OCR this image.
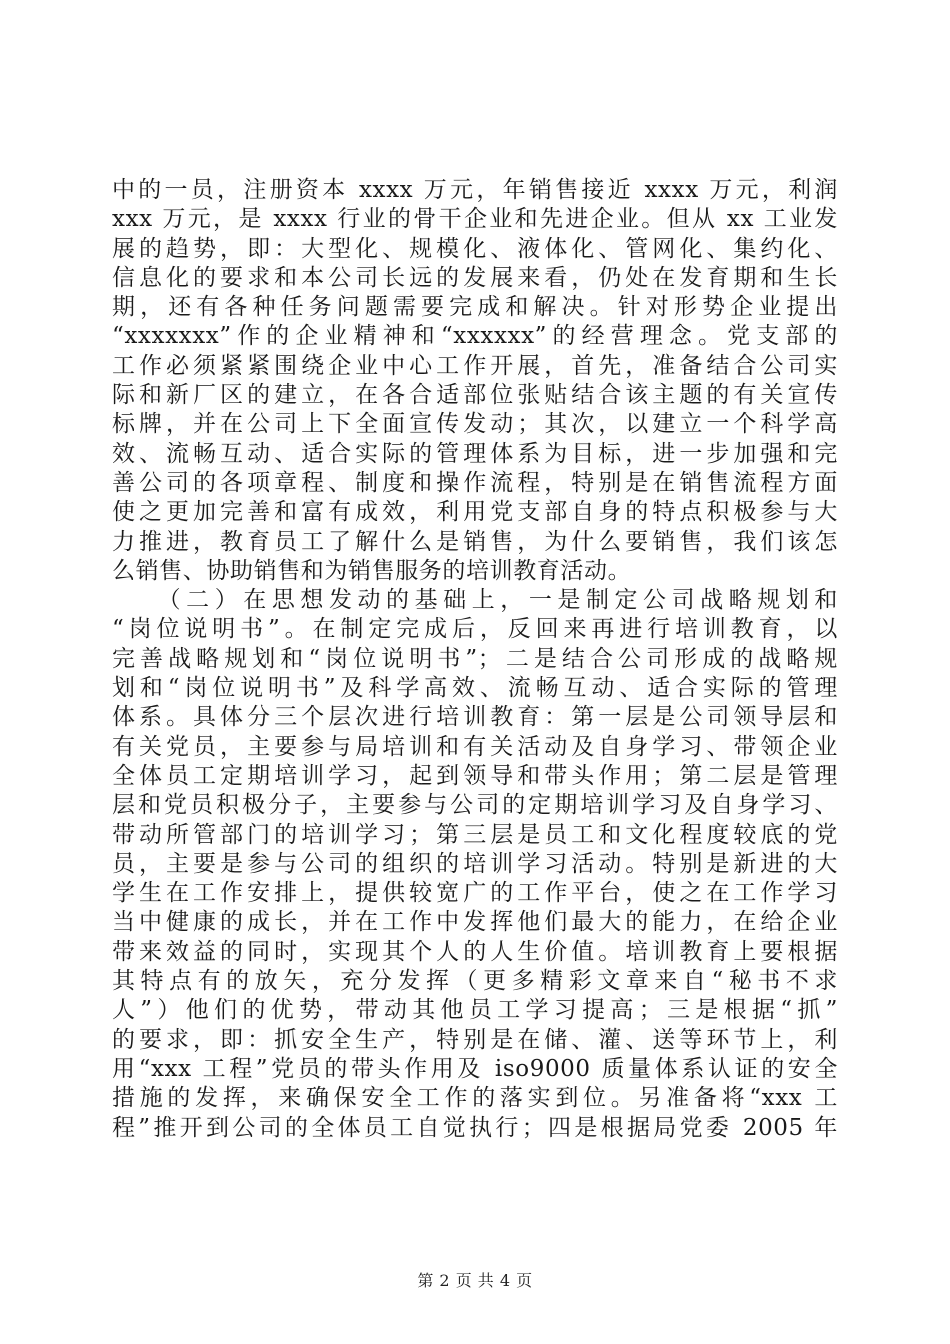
中的一员，注册资本 xxxx 万元，年销售接近 xxxx 万元，利润
xxx 万元，是 xxxx 行业的骨干企业和先进企业。但从 xx 工业发
展的趋势，即：大型化、规模化、液体化、管网化、集约化、
信息化的要求和本公司长远的发展来看，仍处在发育期和生长
期，还有各种任务问题需要完成和解决。针对形势企业提出
“xxxxxxx”作的企业精神和“xxxxxx”的经营理念。党支部的
工作必须紧紧围绕企业中心工作开展，首先，准备结合公司实
际和新厂区的建立，在各合适部位张贴结合该主题的有关宣传
标牌，并在公司上下全面宣传发动；其次，以建立一个科学高
效、流畅互动、适合实际的管理体系为目标，进一步加强和完
善公司的各项章程、制度和操作流程，特别是在销售流程方面
使之更加完善和富有成效，利用党支部自身的特点积极参与大
力推进，教育员工了解什么是销售，为什么要销售，我们该怎
么销售、协助销售和为销售服务的培训教育活动。
　　（二）在思想发动的基础上，一是制定公司战略规划和
“岗位说明书”。在制定完成后，反回来再进行培训教育，以
完善战略规划和“岗位说明书”；二是结合公司形成的战略规
划和“岗位说明书”及科学高效、流畅互动、适合实际的管理
体系。具体分三个层次进行培训教育：第一层是公司领导层和
有关党员，主要参与局培训和有关活动及自身学习、带领企业
全体员工定期培训学习，起到领导和带头作用；第二层是管理
层和党员积极分子，主要参与公司的定期培训学习及自身学习、
带动所管部门的培训学习；第三层是员工和文化程度较底的党
员，主要是参与公司的组织的培训学习活动。特别是新进的大
学生在工作安排上，提供较宽广的工作平台，使之在工作学习
当中健康的成长，并在工作中发挥他们最大的能力，在给企业
带来效益的同时，实现其个人的人生价值。培训教育上要根据
其特点有的放矢，充分发挥（更多精彩文章来自“秘书不求
人”）他们的优势，带动其他员工学习提高；三是根据“抓”
的要求，即：抓安全生产，特别是在储、灌、送等环节上，利
用“xxx 工程”党员的带头作用及 iso9000 质量体系认证的安全
措施的发挥，来确保安全工作的落实到位。另准备将“xxx 工
程”推开到公司的全体员工自觉执行；四是根据局党委 2005 年
第 2 页 共 4 页
